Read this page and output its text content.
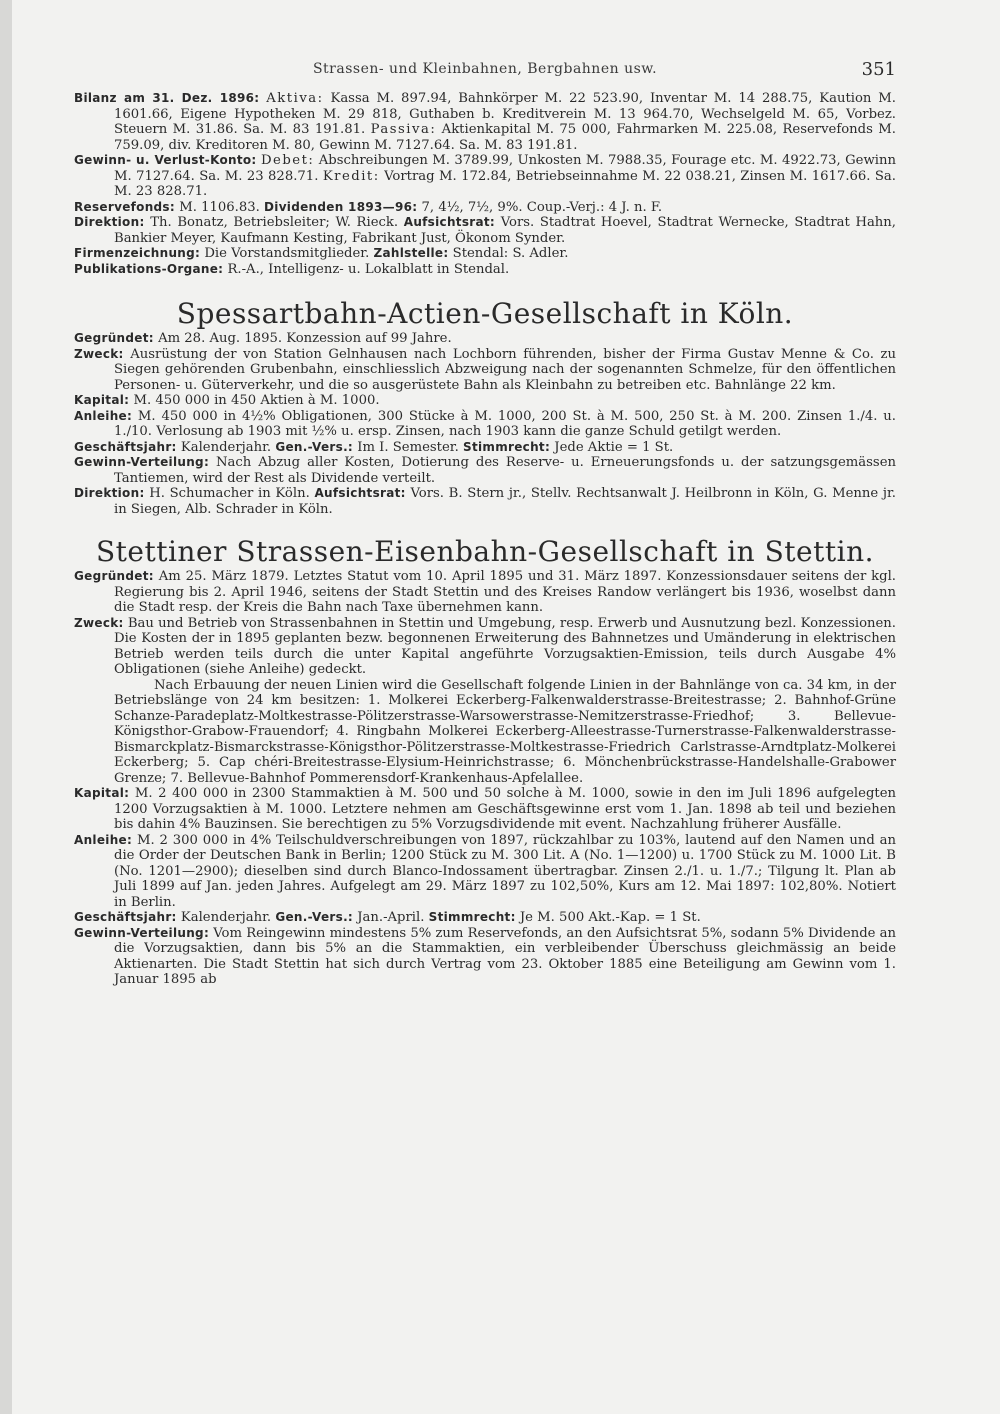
Strassen- und Kleinbahnen, Bergbahnen usw.	351

Bilanz am 31. Dez. 1896: Aktiva: Kassa M. 897.94, Bahnkörper M. 22 523.90, Inventar M. 14 288.75, Kaution M. 1601.66, Eigene Hypotheken M. 29 818, Guthaben b. Kreditverein M. 13 964.70, Wechselgeld M. 65, Vorbez. Steuern M. 31.86. Sa. M. 83 191.81. Passiva: Aktienkapital M. 75 000, Fahrmarken M. 225.08, Reservefonds M. 759.09, div. Kreditoren M. 80, Gewinn M. 7127.64. Sa. M. 83 191.81.

Gewinn- u. Verlust-Konto: Debet: Abschreibungen M. 3789.99, Unkosten M. 7988.35, Fourage etc. M. 4922.73, Gewinn M. 7127.64. Sa. M. 23 828.71. Kredit: Vortrag M. 172.84, Betriebseinnahme M. 22 038.21, Zinsen M. 1617.66. Sa. M. 23 828.71.

Reservefonds: M. 1106.83. Dividenden 1893—96: 7, 4½, 7½, 9%. Coup.-Verj.: 4 J. n. F.

Direktion: Th. Bonatz, Betriebsleiter; W. Rieck. Aufsichtsrat: Vors. Stadtrat Hoevel, Stadtrat Wernecke, Stadtrat Hahn, Bankier Meyer, Kaufmann Kesting, Fabrikant Just, Ökonom Synder.

Firmenzeichnung: Die Vorstandsmitglieder. Zahlstelle: Stendal: S. Adler.

Publikations-Organe: R.-A., Intelligenz- u. Lokalblatt in Stendal.

Spessartbahn-Actien-Gesellschaft in Köln.

Gegründet: Am 28. Aug. 1895. Konzession auf 99 Jahre.

Zweck: Ausrüstung der von Station Gelnhausen nach Lochborn führenden, bisher der Firma Gustav Menne & Co. zu Siegen gehörenden Grubenbahn, einschliesslich Abzweigung nach der sogenannten Schmelze, für den öffentlichen Personen- u. Güterverkehr, und die so ausgerüstete Bahn als Kleinbahn zu betreiben etc. Bahnlänge 22 km.

Kapital: M. 450 000 in 450 Aktien à M. 1000.

Anleihe: M. 450 000 in 4½% Obligationen, 300 Stücke à M. 1000, 200 St. à M. 500, 250 St. à M. 200. Zinsen 1./4. u. 1./10. Verlosung ab 1903 mit ½% u. ersp. Zinsen, nach 1903 kann die ganze Schuld getilgt werden.

Geschäftsjahr: Kalenderjahr. Gen.-Vers.: Im I. Semester. Stimmrecht: Jede Aktie = 1 St.

Gewinn-Verteilung: Nach Abzug aller Kosten, Dotierung des Reserve- u. Erneuerungsfonds u. der satzungsgemässen Tantiemen, wird der Rest als Dividende verteilt.

Direktion: H. Schumacher in Köln. Aufsichtsrat: Vors. B. Stern jr., Stellv. Rechtsanwalt J. Heilbronn in Köln, G. Menne jr. in Siegen, Alb. Schrader in Köln.

Stettiner Strassen-Eisenbahn-Gesellschaft in Stettin.

Gegründet: Am 25. März 1879. Letztes Statut vom 10. April 1895 und 31. März 1897. Konzessionsdauer seitens der kgl. Regierung bis 2. April 1946, seitens der Stadt Stettin und des Kreises Randow verlängert bis 1936, woselbst dann die Stadt resp. der Kreis die Bahn nach Taxe übernehmen kann.

Zweck: Bau und Betrieb von Strassenbahnen in Stettin und Umgebung, resp. Erwerb und Ausnutzung bezl. Konzessionen. Die Kosten der in 1895 geplanten bezw. begonnenen Erweiterung des Bahnnetzes und Umänderung in elektrischen Betrieb werden teils durch die unter Kapital angeführte Vorzugsaktien-Emission, teils durch Ausgabe 4% Obligationen (siehe Anleihe) gedeckt.

Nach Erbauung der neuen Linien wird die Gesellschaft folgende Linien in der Bahnlänge von ca. 34 km, in der Betriebslänge von 24 km besitzen: 1. Molkerei Eckerberg-Falkenwalderstrasse-Breitestrasse; 2. Bahnhof-Grüne Schanze-Paradeplatz-Moltkestrasse-Pölitzerstrasse-Warsowerstrasse-Nemitzerstrasse-Friedhof; 3. Bellevue-Königsthor-Grabow-Frauendorf; 4. Ringbahn Molkerei Eckerberg-Alleestrasse-Turnerstrasse-Falkenwalderstrasse-Bismarckplatz-Bismarckstrasse-Königsthor-Pölitzerstrasse-Moltkestrasse-Friedrich Carlstrasse-Arndtplatz-Molkerei Eckerberg; 5. Cap chéri-Breitestrasse-Elysium-Heinrichstrasse; 6. Mönchenbrückstrasse-Handelshalle-Grabower Grenze; 7. Bellevue-Bahnhof Pommerensdorf-Krankenhaus-Apfelallee.

Kapital: M. 2 400 000 in 2300 Stammaktien à M. 500 und 50 solche à M. 1000, sowie in den im Juli 1896 aufgelegten 1200 Vorzugsaktien à M. 1000. Letztere nehmen am Geschäftsgewinne erst vom 1. Jan. 1898 ab teil und beziehen bis dahin 4% Bauzinsen. Sie berechtigen zu 5% Vorzugsdividende mit event. Nachzahlung früherer Ausfälle.

Anleihe: M. 2 300 000 in 4% Teilschuldverschreibungen von 1897, rückzahlbar zu 103%, lautend auf den Namen und an die Order der Deutschen Bank in Berlin; 1200 Stück zu M. 300 Lit. A (No. 1—1200) u. 1700 Stück zu M. 1000 Lit. B (No. 1201—2900); dieselben sind durch Blanco-Indossament übertragbar. Zinsen 2./1. u. 1./7.; Tilgung lt. Plan ab Juli 1899 auf Jan. jeden Jahres. Aufgelegt am 29. März 1897 zu 102,50%, Kurs am 12. Mai 1897: 102,80%. Notiert in Berlin.

Geschäftsjahr: Kalenderjahr. Gen.-Vers.: Jan.-April. Stimmrecht: Je M. 500 Akt.-Kap. = 1 St.

Gewinn-Verteilung: Vom Reingewinn mindestens 5% zum Reservefonds, an den Aufsichtsrat 5%, sodann 5% Dividende an die Vorzugsaktien, dann bis 5% an die Stammaktien, ein verbleibender Überschuss gleichmässig an beide Aktienarten. Die Stadt Stettin hat sich durch Vertrag vom 23. Oktober 1885 eine Beteiligung am Gewinn vom 1. Januar 1895 ab
